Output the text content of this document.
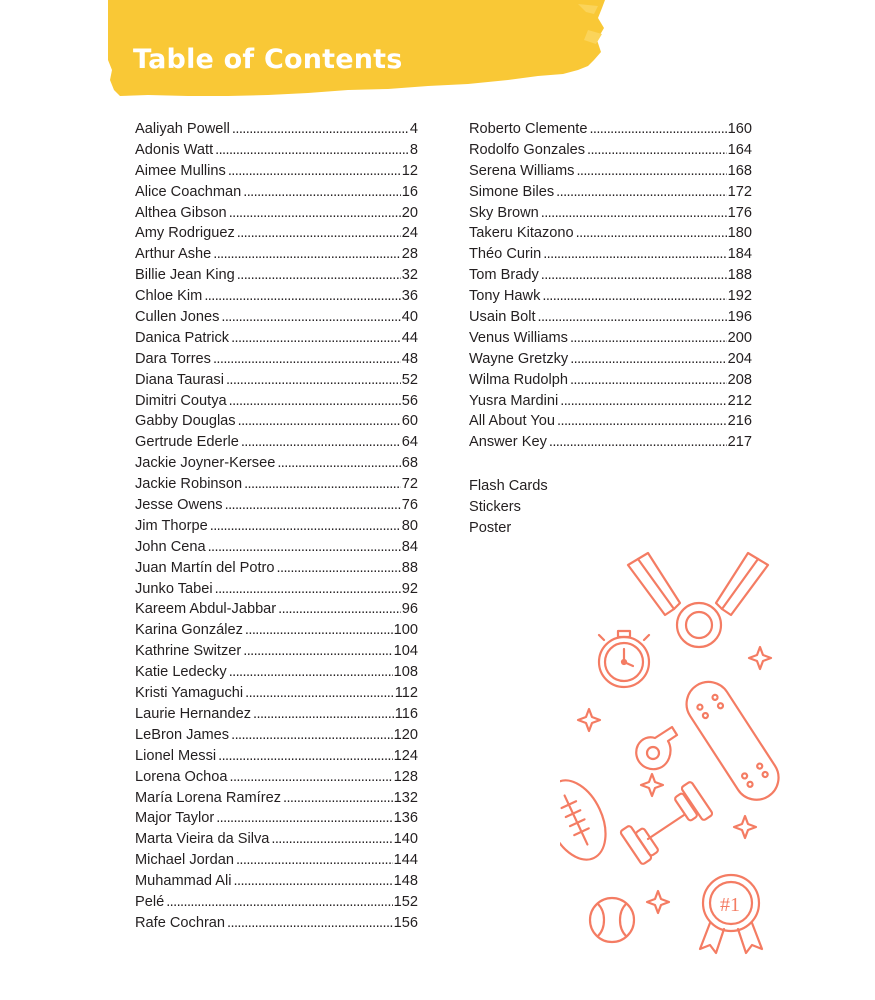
Table of Contents
Aaliyah Powell .....	4
Adonis Watt .....	8
Aimee Mullins .....	12
Alice Coachman .....	16
Althea Gibson .....	20
Amy Rodriguez .....	24
Arthur Ashe .....	28
Billie Jean King .....	32
Chloe Kim .....	36
Cullen Jones .....	40
Danica Patrick .....	44
Dara Torres .....	48
Diana Taurasi .....	52
Dimitri Coutya .....	56
Gabby Douglas .....	60
Gertrude Ederle .....	64
Jackie Joyner-Kersee .....	68
Jackie Robinson .....	72
Jesse Owens .....	76
Jim Thorpe .....	80
John Cena .....	84
Juan Martín del Potro .....	88
Junko Tabei .....	92
Kareem Abdul-Jabbar .....	96
Karina González .....	100
Kathrine Switzer .....	104
Katie Ledecky .....	108
Kristi Yamaguchi .....	112
Laurie Hernandez .....	116
LeBron James .....	120
Lionel Messi .....	124
Lorena Ochoa .....	128
María Lorena Ramírez .....	132
Major Taylor .....	136
Marta Vieira da Silva .....	140
Michael Jordan .....	144
Muhammad Ali .....	148
Pelé .....	152
Rafe Cochran .....	156
Roberto Clemente .....	160
Rodolfo Gonzales .....	164
Serena Williams .....	168
Simone Biles .....	172
Sky Brown .....	176
Takeru Kitazono .....	180
Théo Curin .....	184
Tom Brady .....	188
Tony Hawk .....	192
Usain Bolt .....	196
Venus Williams .....	200
Wayne Gretzky .....	204
Wilma Rudolph .....	208
Yusra Mardini .....	212
All About You .....	216
Answer Key .....	217
Flash Cards
Stickers
Poster
#1
